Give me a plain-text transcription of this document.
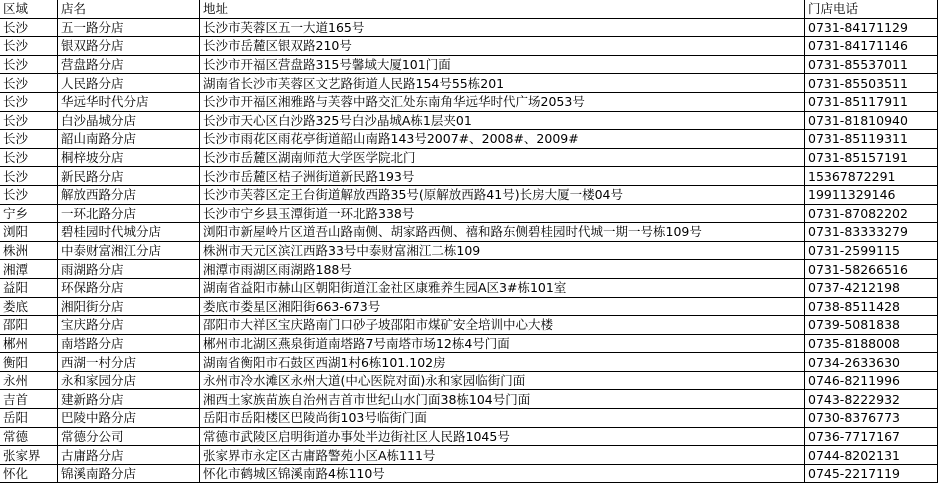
区域	店名	地址	门店电话
长沙	五一路分店	长沙市芙蓉区五一大道165号	0731-84171129
长沙	银双路分店	长沙市岳麓区银双路210号	0731-84171146
长沙	营盘路分店	长沙市开福区营盘路315号馨域大厦101门面	0731-85537011
长沙	人民路分店	湖南省长沙市芙蓉区文艺路街道人民路154号55栋201	0731-85503511
长沙	华远华时代分店	长沙市开福区湘雅路与芙蓉中路交汇处东南角华远华时代广场2053号	0731-85117911
长沙	白沙晶城分店	长沙市天心区白沙路325号白沙晶城A栋1层夹01	0731-81810940
长沙	韶山南路分店	长沙市雨花区雨花亭街道韶山南路143号2007#、2008#、2009#	0731-85119311
长沙	桐梓坡分店	长沙市岳麓区湖南师范大学医学院北门	0731-85157191
长沙	新民路分店	长沙市岳麓区桔子洲街道新民路193号	15367872291
长沙	解放西路分店	长沙市芙蓉区定王台街道解放西路35号(原解放西路41号)长房大厦一楼04号	19911329146
宁乡	一环北路分店	长沙市宁乡县玉潭街道一环北路338号	0731-87082202
浏阳	碧桂园时代城分店	浏阳市新屋岭片区道吾山路南侧、胡家路西侧、禧和路东侧碧桂园时代城一期一号栋109号	0731-83333279
株洲	中泰财富湘江分店	株洲市天元区滨江西路33号中泰财富湘江二栋109	0731-2599115
湘潭	雨湖路分店	湘潭市雨湖区雨湖路188号	0731-58266516
益阳	环保路分店	湖南省益阳市赫山区朝阳街道江金社区康雅养生园A区3#栋101室	0737-4212198
娄底	湘阳街分店	娄底市娄星区湘阳街663-673号	0738-8511428
邵阳	宝庆路分店	邵阳市大祥区宝庆路南门口砂子坡邵阳市煤矿安全培训中心大楼	0739-5081838
郴州	南塔路分店	郴州市北湖区燕泉街道南塔路7号南塔市场12栋4号门面	0735-8188008
衡阳	西湖一村分店	湖南省衡阳市石鼓区西湖1村6栋101.102房	0734-2633630
永州	永和家园分店	永州市冷水滩区永州大道(中心医院对面)永和家园临街门面	0746-8211996
吉首	建新路分店	湘西土家族苗族自治州吉首市世纪山水门面38栋104号门面	0743-8222932
岳阳	巴陵中路分店	岳阳市岳阳楼区巴陵尚街103号临街门面	0730-8376773
常德	常德分公司	常德市武陵区启明街道办事处半边街社区人民路1045号	0736-7717167
张家界	古庸路分店	张家界市永定区古庸路警苑小区A栋111号	0744-8202131
怀化	锦溪南路分店	怀化市鹤城区锦溪南路4栋110号	0745-2217119
